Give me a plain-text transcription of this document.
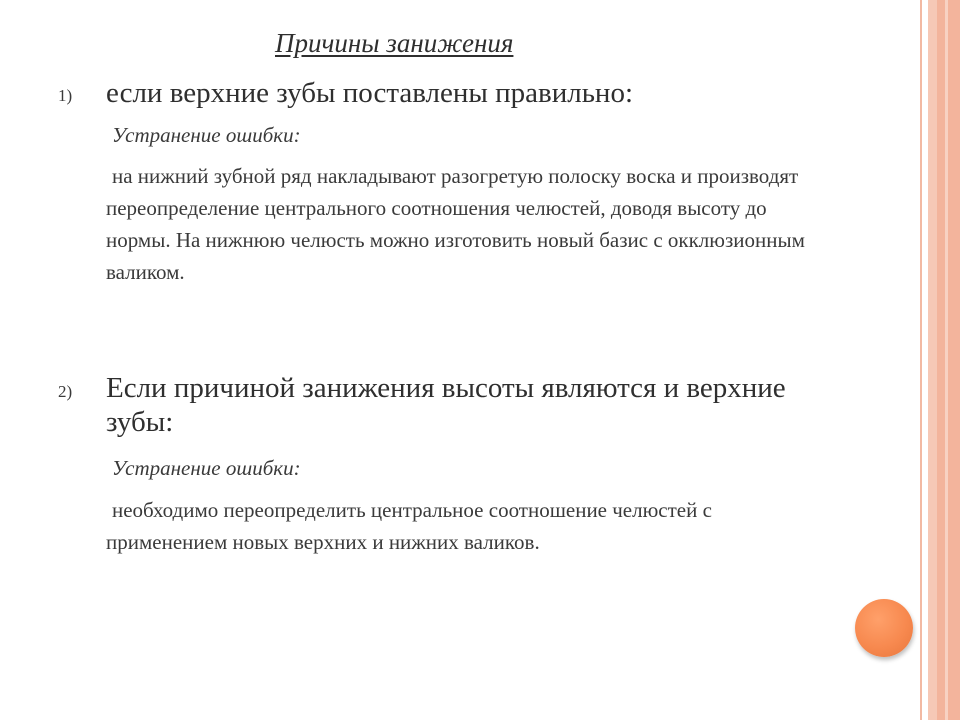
Причины занижения
1) если верхние зубы поставлены правильно:
Устранение ошибки:
на нижний зубной ряд накладывают разогретую полоску воска и производят переопределение центрального соотношения челюстей, доводя высоту до нормы. На нижнюю челюсть можно изготовить новый базис с окклюзионным валиком.
2) Если причиной занижения высоты являются и верхние зубы:
Устранение ошибки:
необходимо переопределить центральное соотношение челюстей с применением новых верхних и нижних валиков.
